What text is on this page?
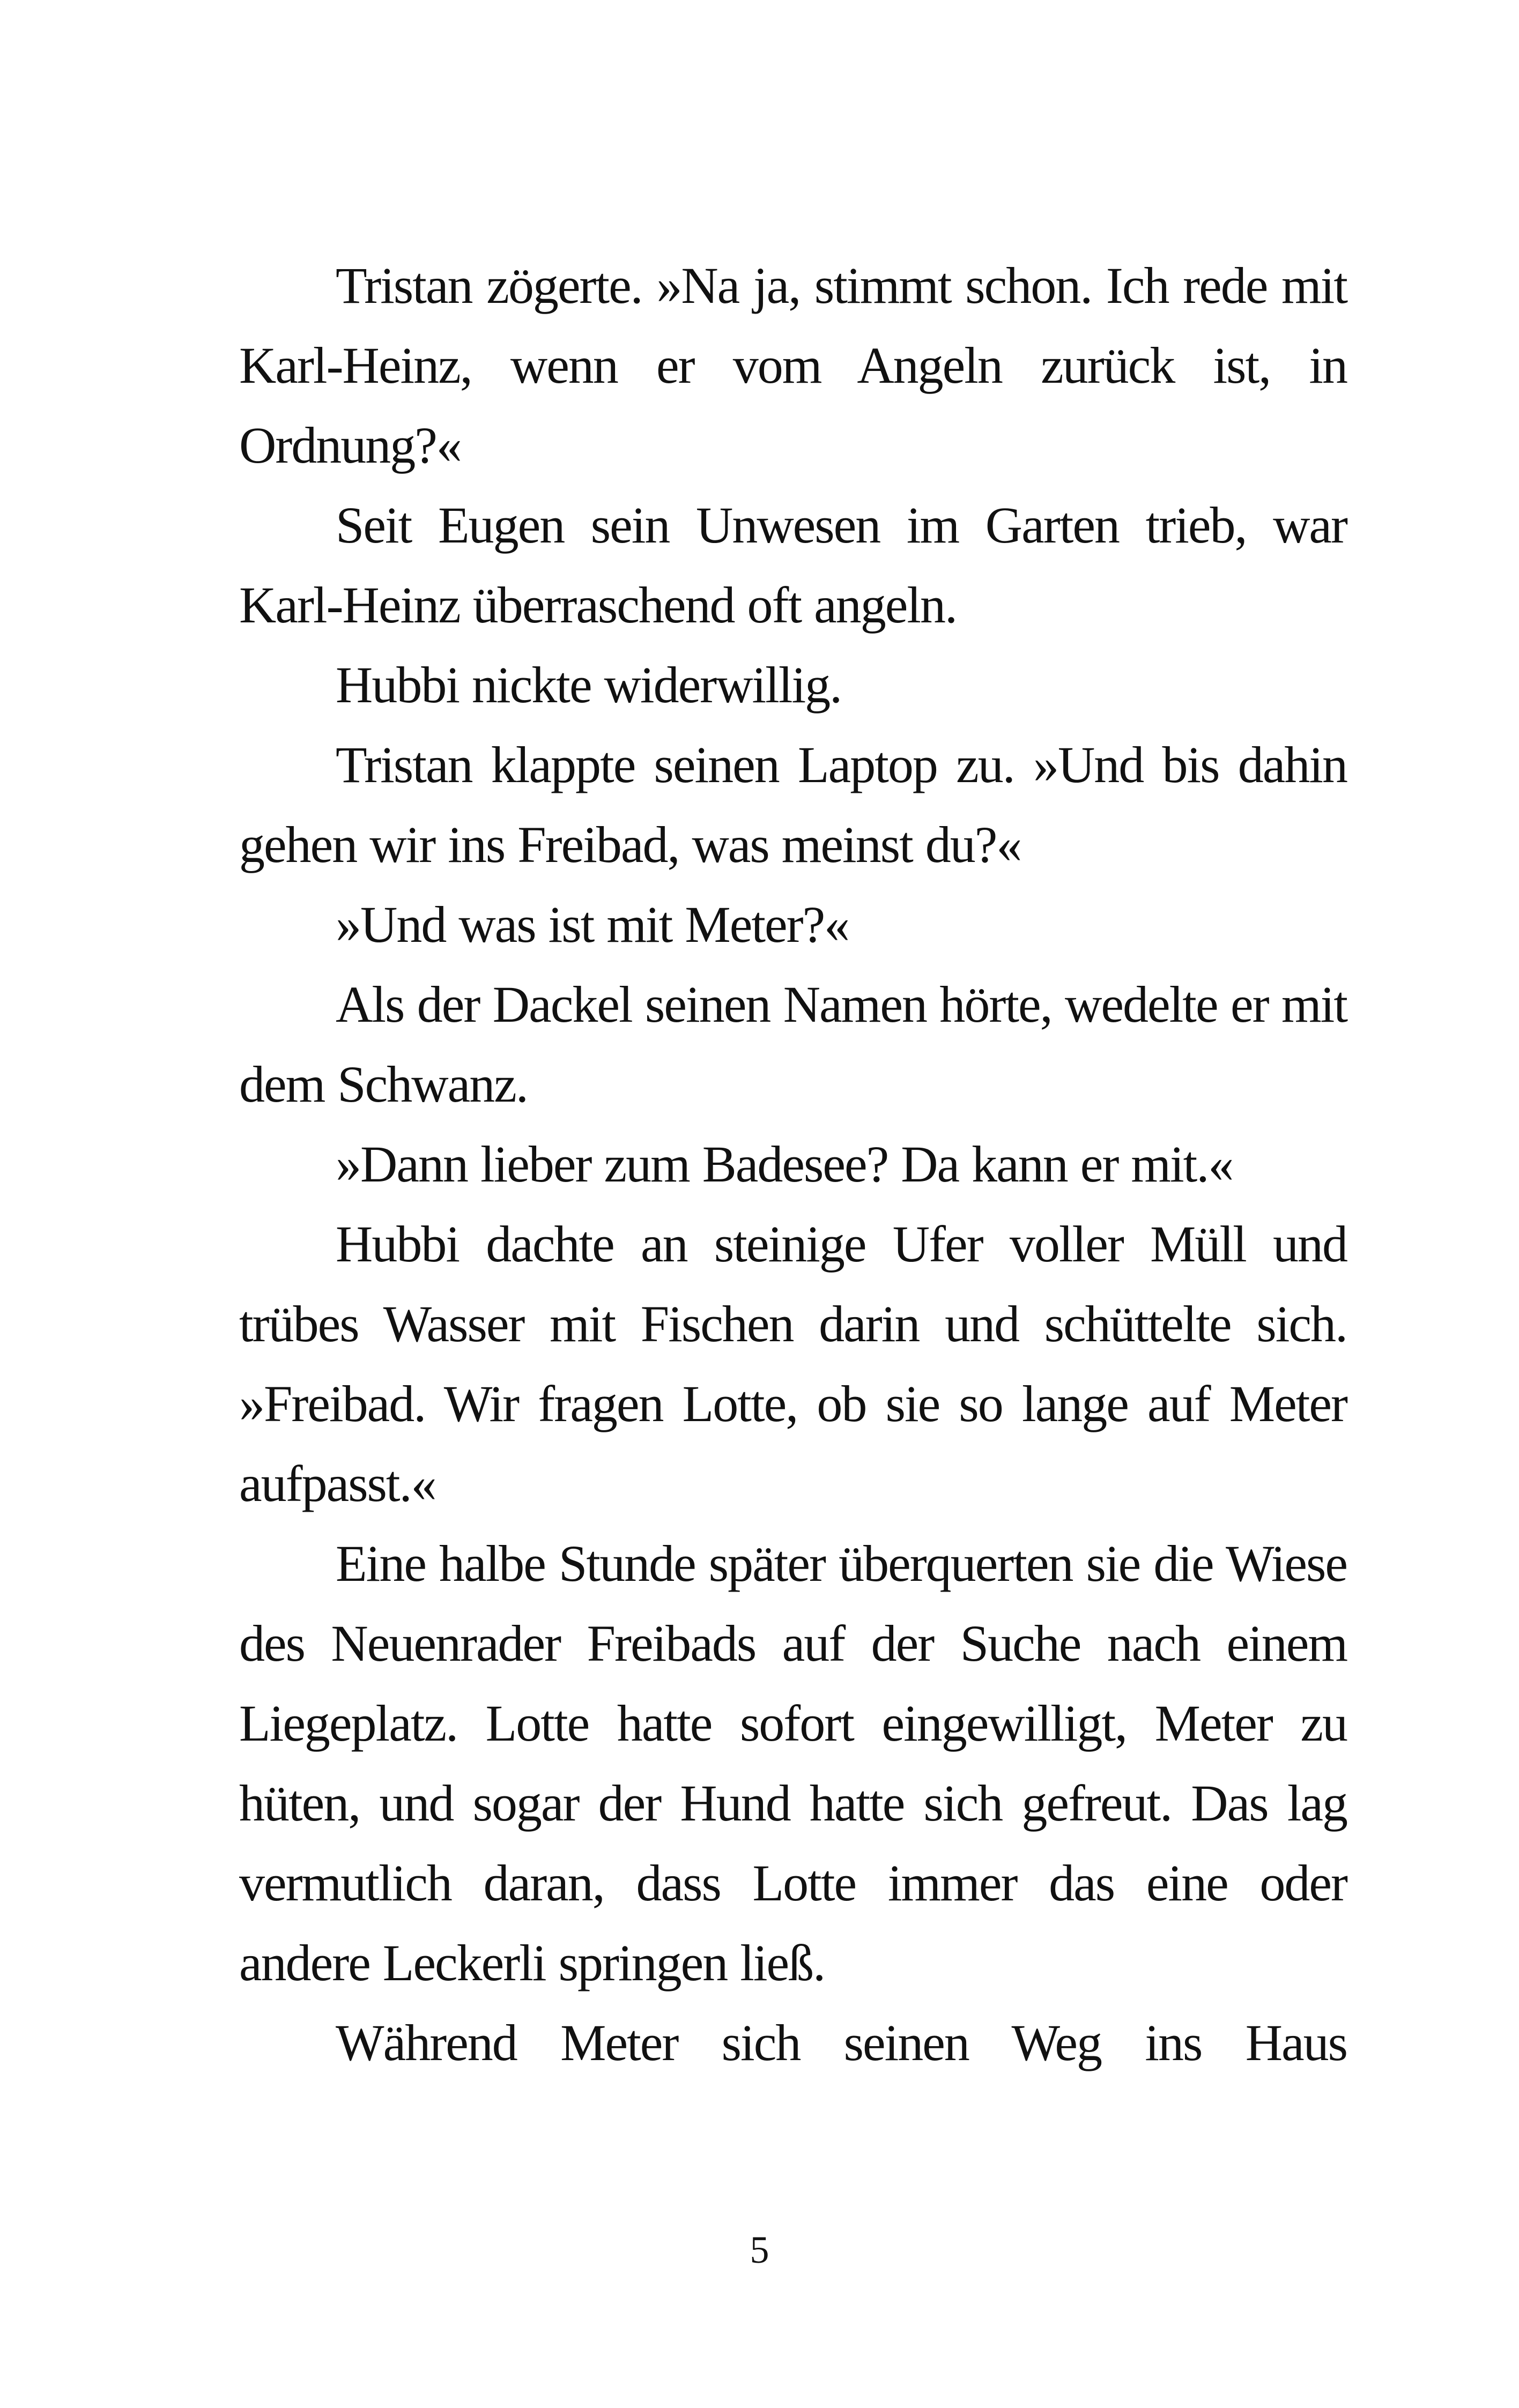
Tristan zögerte. »Na ja, stimmt schon. Ich rede mit Karl-Heinz, wenn er vom Angeln zurück ist, in Ordnung?«

Seit Eugen sein Unwesen im Garten trieb, war Karl-Heinz überraschend oft angeln.

Hubbi nickte widerwillig.

Tristan klappte seinen Laptop zu. »Und bis dahin gehen wir ins Freibad, was meinst du?«

»Und was ist mit Meter?«

Als der Dackel seinen Namen hörte, wedelte er mit dem Schwanz.

»Dann lieber zum Badesee? Da kann er mit.«

Hubbi dachte an steinige Ufer voller Müll und trübes Wasser mit Fischen darin und schüttelte sich. »Freibad. Wir fragen Lotte, ob sie so lange auf Meter aufpasst.«

Eine halbe Stunde später überquerten sie die Wiese des Neuenrader Freibads auf der Suche nach einem Liegeplatz. Lotte hatte sofort eingewilligt, Meter zu hüten, und sogar der Hund hatte sich gefreut. Das lag vermutlich daran, dass Lotte immer das eine oder andere Leckerli springen ließ.

Während Meter sich seinen Weg ins Haus

5
